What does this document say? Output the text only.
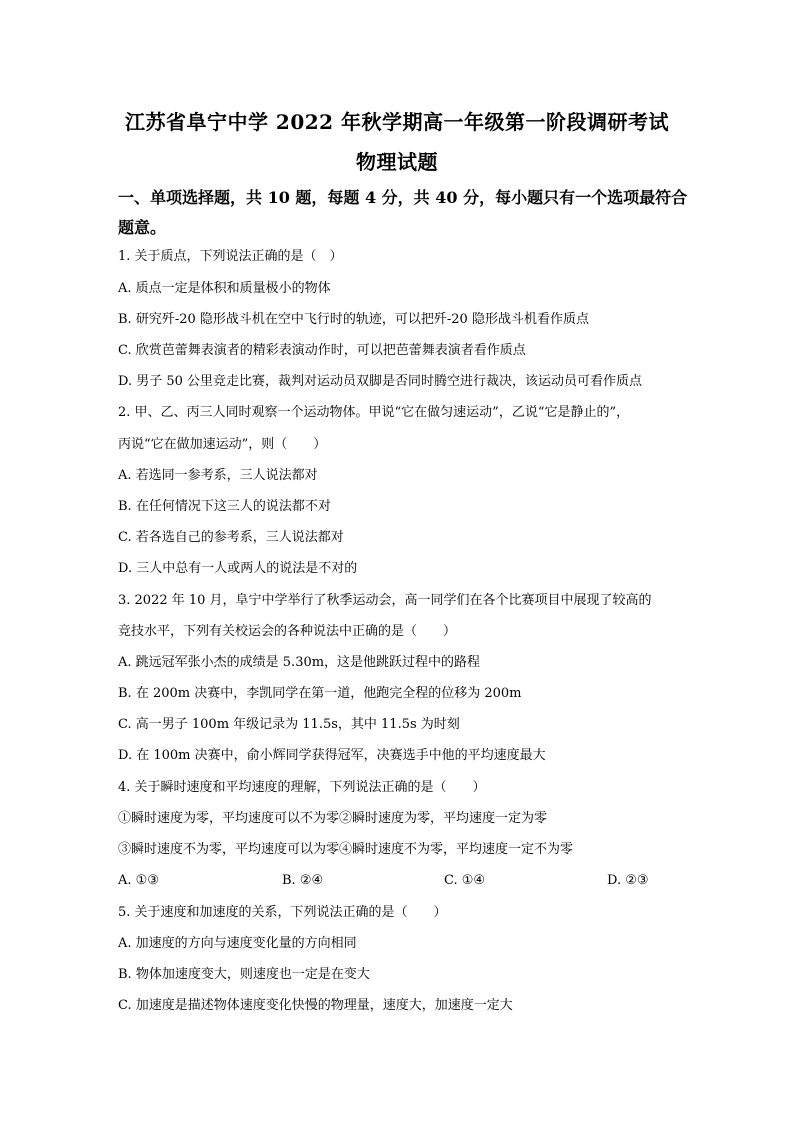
江苏省阜宁中学 2022 年秋学期高一年级第一阶段调研考试
物理试题
一、单项选择题，共 10 题，每题 4 分，共 40 分，每小题只有一个选项最符合
题意。
1. 关于质点，下列说法正确的是（　）
A. 质点一定是体积和质量极小的物体
B. 研究歼-20 隐形战斗机在空中飞行时的轨迹，可以把歼-20 隐形战斗机看作质点
C. 欣赏芭蕾舞表演者的精彩表演动作时，可以把芭蕾舞表演者看作质点
D. 男子 50 公里竞走比赛，裁判对运动员双脚是否同时腾空进行裁决，该运动员可看作质点
2. 甲、乙、丙三人同时观察一个运动物体。甲说“它在做匀速运动”，乙说“它是静止的”，
丙说“它在做加速运动”，则（　　）
A. 若选同一参考系，三人说法都对
B. 在任何情况下这三人的说法都不对
C. 若各选自己的参考系，三人说法都对
D. 三人中总有一人或两人的说法是不对的
3. 2022 年 10 月，阜宁中学举行了秋季运动会，高一同学们在各个比赛项目中展现了较高的
竞技水平，下列有关校运会的各种说法中正确的是（　　）
A. 跳远冠军张小杰的成绩是 5.30m，这是他跳跃过程中的路程
B. 在 200m 决赛中，李凯同学在第一道，他跑完全程的位移为 200m
C. 高一男子 100m 年级记录为 11.5s，其中 11.5s 为时刻
D. 在 100m 决赛中，俞小辉同学获得冠军，决赛选手中他的平均速度最大
4. 关于瞬时速度和平均速度的理解，下列说法正确的是（　　）
①瞬时速度为零，平均速度可以不为零②瞬时速度为零，平均速度一定为零
③瞬时速度不为零，平均速度可以为零④瞬时速度不为零，平均速度一定不为零
A. ①③	B. ②④	C. ①④	D. ②③
5. 关于速度和加速度的关系，下列说法正确的是（　　）
A. 加速度的方向与速度变化量的方向相同
B. 物体加速度变大，则速度也一定是在变大
C. 加速度是描述物体速度变化快慢的物理量，速度大，加速度一定大
